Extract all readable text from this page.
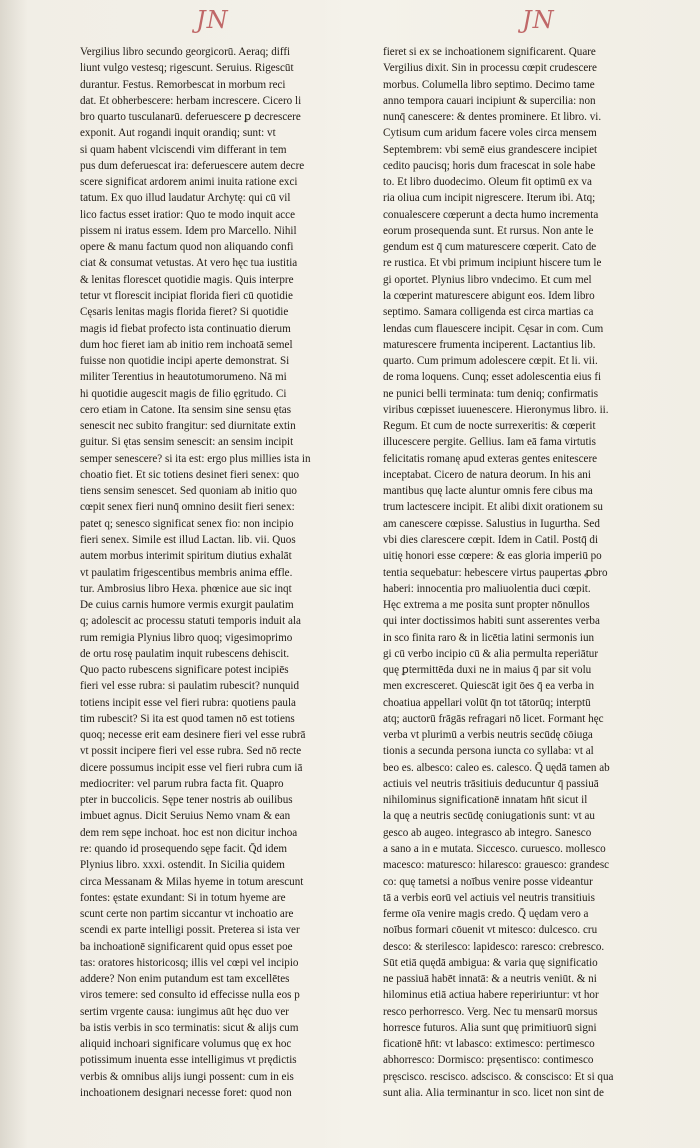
JN	JN
Vergilius libro secundo georgicorū. Aeraq; diffi
liunt vulgo vestesq; rigescunt. Seruius. Rigescūt
durantur. Festus. Remorbescat in morbum reci
dat. Et obherbescere: herbam increscere. Cicero li
bro quarto tusculanarū. deferuescere ꝑ decrescere
exponit. Aut rogandi inquit orandiq; sunt: vt
si quam habent vlciscendi vim differant in tem
pus dum deferuescat ira: deferuescere autem decre
scere significat ardorem animi inuita ratione exci
tatum. Ex quo illud laudatur Archytę: qui cū vil
lico factus esset iratior: Quo te modo inquit acce
pissem ni iratus essem. Idem pro Marcello. Nihil
opere & manu factum quod non aliquando confi
ciat & consumat vetustas. At vero hęc tua iustitia
& lenitas florescet quotidie magis. Quis interpre
tetur vt florescit incipiat florida fieri cū quotidie
Cęsaris lenitas magis florida fieret? Si quotidie
magis id fiebat profecto ista continuatio dierum
dum hoc fieret iam ab initio rem inchoatā semel
fuisse non quotidie incipi aperte demonstrat. Si
militer Terentius in heautotumorumeno. Nā mi
hi quotidie augescit magis de filio ęgritudo. Ci
cero etiam in Catone. Ita sensim sine sensu ętas
senescit nec subito frangitur: sed diurnitate extin
guitur. Si ętas sensim senescit: an sensim incipit
semper senescere? si ita est: ergo plus millies ista in
choatio fiet. Et sic totiens desinet fieri senex: quo
tiens sensim senescet. Sed quoniam ab initio quo
cœpit senex fieri nunq̄ omnino desiit fieri senex:
patet q; senesco significat senex fio: non incipio
fieri senex. Simile est illud Lactan. lib. vii. Quos
autem morbus interimit spiritum diutius exhalāt
vt paulatim frigescentibus membris anima effle.
tur. Ambrosius libro Hexa. phœnice aue sic inqt
De cuius carnis humore vermis exurgit paulatim
q; adolescit ac processu statuti temporis induit ala
rum remigia Plynius libro quoq; vigesimoprimo
de ortu rosę paulatim inquit rubescens dehiscit.
Quo pacto rubescens significare potest incipiēs
fieri vel esse rubra: si paulatim rubescit? nunquid
totiens incipit esse vel fieri rubra: quotiens paula
tim rubescit? Si ita est quod tamen nō est totiens
quoq; necesse erit eam desinere fieri vel esse rubrā
vt possit incipere fieri vel esse rubra. Sed nō recte
dicere possumus incipit esse vel fieri rubra cum iā
mediocriter: vel parum rubra facta fit. Quapro
pter in buccolicis. Sępe tener nostris ab ouilibus
imbuet agnus. Dicit Seruius Nemo vnam & ean
dem rem sępe inchoat. hoc est non dicitur inchoa
re: quando id prosequendo sępe facit. Q̄d idem
Plynius libro. xxxi. ostendit. In Sicilia quidem
circa Messanam & Milas hyeme in totum arescunt
fontes: ęstate exundant: Si in totum hyeme are
scunt certe non partim siccantur vt inchoatio are
scendi ex parte intelligi possit. Preterea si ista ver
ba inchoationē significarent quid opus esset poe
tas: oratores historicosq; illis vel cœpi vel incipio
addere? Non enim putandum est tam excellētes
viros temere: sed consulto id effecisse nulla eos p
sertim vrgente causa: iungimus aūt hęc duo ver
ba istis verbis in sco terminatis: sicut & alijs cum
aliquid inchoari significare volumus quę ex hoc
potissimum inuenta esse intelligimus vt prędictis
verbis & omnibus alijs iungi possent: cum in eis
inchoationem designari necesse foret: quod non
fieret si ex se inchoationem significarent. Quare
Vergilius dixit. Sin in processu cœpit crudescere
morbus. Columella libro septimo. Decimo tame
anno tempora cauari incipiunt & supercilia: non
nunq̄ canescere: & dentes prominere. Et libro. vi.
Cytisum cum aridum facere voles circa mensem
Septembrem: vbi semē eius grandescere incipiet
cedito paucisq; horis dum fracescat in sole habe
to. Et libro duodecimo. Oleum fit optimū ex va
ria oliua cum incipit nigrescere. Iterum ibi. Atq;
conualescere cœperunt a decta humo incrementa
eorum prosequenda sunt. Et rursus. Non ante le
gendum est q̄ cum maturescere cœperit. Cato de
re rustica. Et vbi primum incipiunt hiscere tum le
gi oportet. Plynius libro vndecimo. Et cum mel
la cœperint maturescere abigunt eos. Idem libro
septimo. Samara colligenda est circa martias ca
lendas cum flauescere incipit. Cęsar in com. Cum
maturescere frumenta inciperent. Lactantius lib.
quarto. Cum primum adolescere cœpit. Et li. vii.
de roma loquens. Cunq; esset adolescentia eius fi
ne punici belli terminata: tum deniq; confirmatis
viribus cœpisset iuuenescere. Hieronymus libro. ii.
Regum. Et cum de nocte surrexeritis: & cœperit
illucescere pergite. Gellius. Iam eā fama virtutis
felicitatis romanę apud exteras gentes enitescere
inceptabat. Cicero de natura deorum. In his ani
mantibus quę lacte aluntur omnis fere cibus ma
trum lactescere incipit. Et alibi dixit orationem su
am canescere cœpisse. Salustius in Iugurtha. Sed
vbi dies clarescere cœpit. Idem in Catil. Postq̄ di
uitię honori esse cœpere: & eas gloria imperiū po
tentia sequebatur: hebescere virtus paupertas ꝓbro
haberi: innocentia pro maliuolentia duci cœpit.
Hęc extrema a me posita sunt propter nōnullos
qui inter doctissimos habiti sunt asserentes verba
in sco finita raro & in licētia latini sermonis iun
gi cū verbo incipio cū & alia permulta reperiātur
quę ꝑtermittēda duxi ne in maius q̄ par sit volu
men excresceret. Quiescāt igit ōes q̄ ea verba in
choatiua appellari volūt q̄n tot tātorūq; interptū
atq; auctorū frāgās refragari nō licet. Formant hęc
verba vt plurimū a verbis neutris secūdę cōiuga
tionis a secunda persona iuncta co syllaba: vt al
beo es. albesco: caleo es. calesco. Q̄ uędā tamen ab
actiuis vel neutris trāsitiuis deducuntur q̄ passiuā
nihilominus significationē innatam hn̄t sicut il
la quę a neutris secūdę coniugationis sunt: vt au
gesco ab augeo. integrasco ab integro. Sanesco
a sano a in e mutata. Siccesco. curuesco. mollesco
macesco: maturesco: hilaresco: grauesco: grandesc
co: quę tametsi a noībus venire posse videantur
tā a verbis eorū vel actiuis vel neutris transitiuis
ferme oīa venire magis credo. Q̄ uędam vero a
noībus formari cōuenit vt mitesco: dulcesco. cru
desco: & sterilesco: lapidesco: raresco: crebresco.
Sūt etiā quędā ambigua: & varia quę significatio
ne passiuā habēt innatā: & a neutris veniūt. & ni
hilominus etiā actiua habere repeririuntur: vt hor
resco perhorresco. Verg. Nec tu mensarū morsus
horresce futuros. Alia sunt quę primitiuorū signi
ficationē hn̄t: vt labasco: extimesco: pertimesco
abhorresco: Dormisco: pręsentisco: contimesco
pręscisco. rescisco. adscisco. & conscisco: Et si qua
sunt alia. Alia terminantur in sco. licet non sint de
